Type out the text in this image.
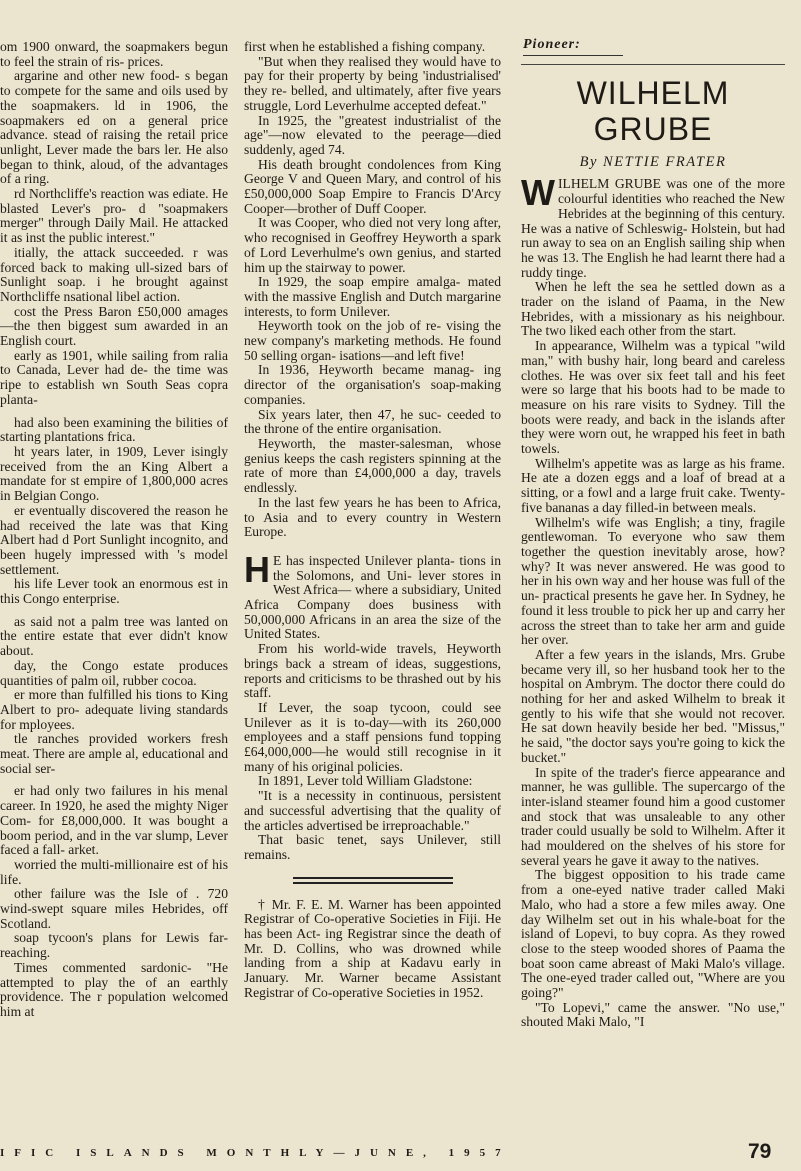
om 1900 onward, the soapmakers begun to feel the strain of ris- prices.

argarine and other new food- s began to compete for the same and oils used by the soapmakers. ld in 1906, the soapmakers ed on a general price advance. stead of raising the retail price unlight, Lever made the bars ler. He also began to think, aloud, of the advantages of a ring.

rd Northcliffe's reaction was ediate. He blasted Lever's pro- d "soapmakers merger" through Daily Mail. He attacked it as inst the public interest."

itially, the attack succeeded. r was forced back to making ull-sized bars of Sunlight soap. i he brought against Northcliffe nsational libel action.

cost the Press Baron £50,000 amages—the then biggest sum awarded in an English court.

early as 1901, while sailing from ralia to Canada, Lever had de- the time was ripe to establish wn South Seas copra planta-

had also been examining the bilities of starting plantations frica.

ht years later, in 1909, Lever isingly received from the an King Albert a mandate for st empire of 1,800,000 acres in Belgian Congo.

er eventually discovered the reason he had received the late was that King Albert had d Port Sunlight incognito, and been hugely impressed with 's model settlement.

his life Lever took an enormous est in this Congo enterprise.

as said not a palm tree was lanted on the entire estate that ever didn't know about.

day, the Congo estate produces quantities of palm oil, rubber cocoa.

er more than fulfilled his tions to King Albert to pro- adequate living standards for mployees.

tle ranches provided workers fresh meat. There are ample al, educational and social ser-

er had only two failures in his menal career. In 1920, he ased the mighty Niger Com- for £8,000,000. It was bought a boom period, and in the var slump, Lever faced a fall- arket.

worried the multi-millionaire est of his life.

other failure was the Isle of . 720 wind-swept square miles Hebrides, off Scotland.

soap tycoon's plans for Lewis far-reaching.

Times commented sardonic- "He attempted to play the of an earthly providence. The r population welcomed him at

first when he established a fishing company.

"But when they realised they would have to pay for their property by being 'industrialised' they re- belled, and ultimately, after five years struggle, Lord Leverhulme accepted defeat."

In 1925, the "greatest industrialist of the age"—now elevated to the peerage—died suddenly, aged 74.

His death brought condolences from King George V and Queen Mary, and control of his £50,000,000 Soap Empire to Francis D'Arcy Cooper—brother of Duff Cooper.

It was Cooper, who died not very long after, who recognised in Geoffrey Heyworth a spark of Lord Leverhulme's own genius, and started him up the stairway to power.

In 1929, the soap empire amalga- mated with the massive English and Dutch margarine interests, to form Unilever.

Heyworth took on the job of re- vising the new company's marketing methods. He found 50 selling organ- isations—and left five!

In 1936, Heyworth became manag- ing director of the organisation's soap-making companies.

Six years later, then 47, he suc- ceeded to the throne of the entire organisation.

Heyworth, the master-salesman, whose genius keeps the cash registers spinning at the rate of more than £4,000,000 a day, travels endlessly.

In the last few years he has been to Africa, to Asia and to every country in Western Europe.

H E has inspected Unilever planta- tions in the Solomons, and Uni- lever stores in West Africa— where a subsidiary, United Africa Company does business with 50,000,000 Africans in an area the size of the United States.

From his world-wide travels, Heyworth brings back a stream of ideas, suggestions, reports and criticisms to be thrashed out by his staff.

If Lever, the soap tycoon, could see Unilever as it is to-day—with its 260,000 employees and a staff pensions fund topping £64,000,000—he would still recognise in it many of his original policies.

In 1891, Lever told William Gladstone:

"It is a necessity in continuous, persistent and successful advertising that the quality of the articles advertised be irreproachable."

That basic tenet, says Unilever, still remains.

† Mr. F. E. M. Warner has been appointed Registrar of Co-operative Societies in Fiji. He has been Act- ing Registrar since the death of Mr. D. Collins, who was drowned while landing from a ship at Kadavu early in January. Mr. Warner became Assistant Registrar of Co-operative Societies in 1952.

Pioneer:
WILHELM GRUBE
By NETTIE FRATER

WILHELM GRUBE was one of the more colourful identities who reached the New Hebrides at the beginning of this century. He was a native of Schleswig- Holstein, but had run away to sea on an English sailing ship when he was 13. The English he had learnt there had a ruddy tinge.

When he left the sea he settled down as a trader on the island of Paama, in the New Hebrides, with a missionary as his neighbour. The two liked each other from the start.

In appearance, Wilhelm was a typical "wild man," with bushy hair, long beard and careless clothes. He was over six feet tall and his feet were so large that his boots had to be made to measure on his rare visits to Sydney. Till the boots were ready, and back in the islands after they were worn out, he wrapped his feet in bath towels.

Wilhelm's appetite was as large as his frame. He ate a dozen eggs and a loaf of bread at a sitting, or a fowl and a large fruit cake. Twenty-five bananas a day filled-in between meals.

Wilhelm's wife was English; a tiny, fragile gentlewoman. To everyone who saw them together the question inevitably arose, how? why? It was never answered. He was good to her in his own way and her house was full of the un- practical presents he gave her. In Sydney, he found it less trouble to pick her up and carry her across the street than to take her arm and guide her over.

After a few years in the islands, Mrs. Grube became very ill, so her husband took her to the hospital on Ambrym. The doctor there could do nothing for her and asked Wilhelm to break it gently to his wife that she would not recover. He sat down heavily beside her bed. "Missus," he said, "the doctor says you're going to kick the bucket."

In spite of the trader's fierce appearance and manner, he was gullible. The supercargo of the inter-island steamer found him a good customer and stock that was unsaleable to any other trader could usually be sold to Wilhelm. After it had mouldered on the shelves of his store for several years he gave it away to the natives.

The biggest opposition to his trade came from a one-eyed native trader called Maki Malo, who had a store a few miles away. One day Wilhelm set out in his whale-boat for the island of Lopevi, to buy copra. As they rowed close to the steep wooded shores of Paama the boat soon came abreast of Maki Malo's village. The one-eyed trader called out, "Where are you going?"

"To Lopevi," came the answer. "No use," shouted Maki Malo, "I

IFIC ISLANDS MONTHLY—JUNE, 1957	79
